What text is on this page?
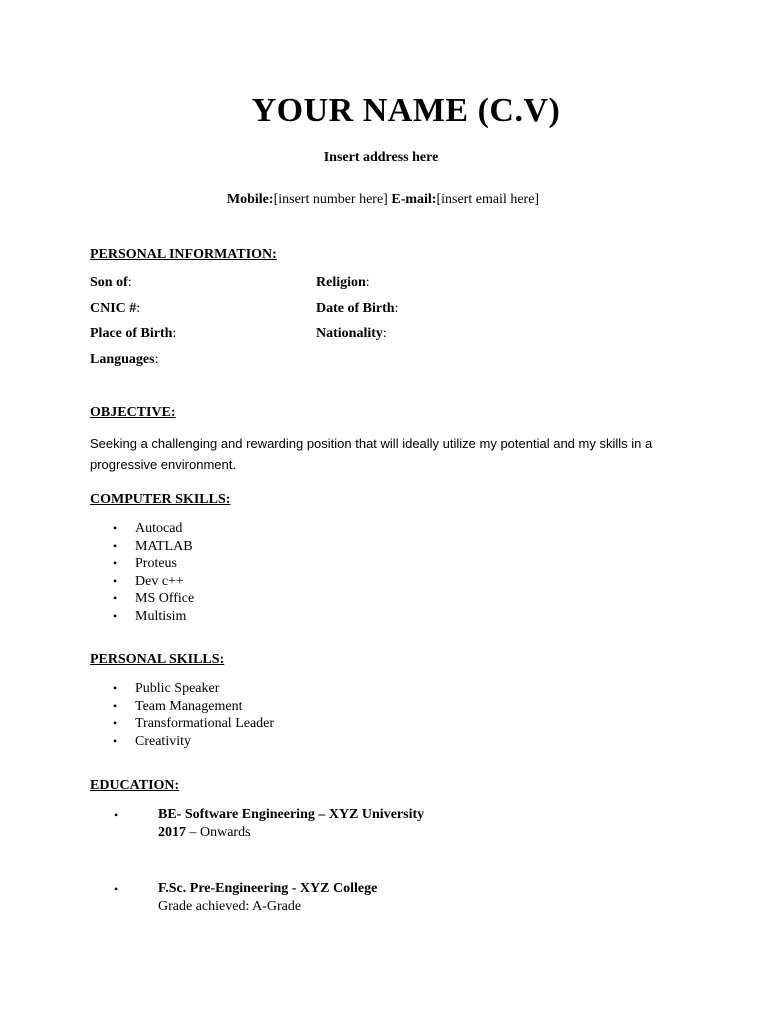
YOUR NAME (C.V)
Insert address here
Mobile:[insert number here] E-mail:[insert email here]
PERSONAL INFORMATION:
Son of:	Religion:
CNIC #:	Date of Birth:
Place of Birth:	Nationality:
Languages:
OBJECTIVE:
Seeking a challenging and rewarding position that will ideally utilize my potential and my skills in a progressive environment.
COMPUTER SKILLS:
• Autocad
• MATLAB
• Proteus
• Dev c++
• MS Office
• Multisim
PERSONAL SKILLS:
• Public Speaker
• Team Management
• Transformational Leader
• Creativity
EDUCATION:
•	BE- Software Engineering – XYZ University
2017 – Onwards
•	F.Sc. Pre-Engineering - XYZ College
Grade achieved: A-Grade
